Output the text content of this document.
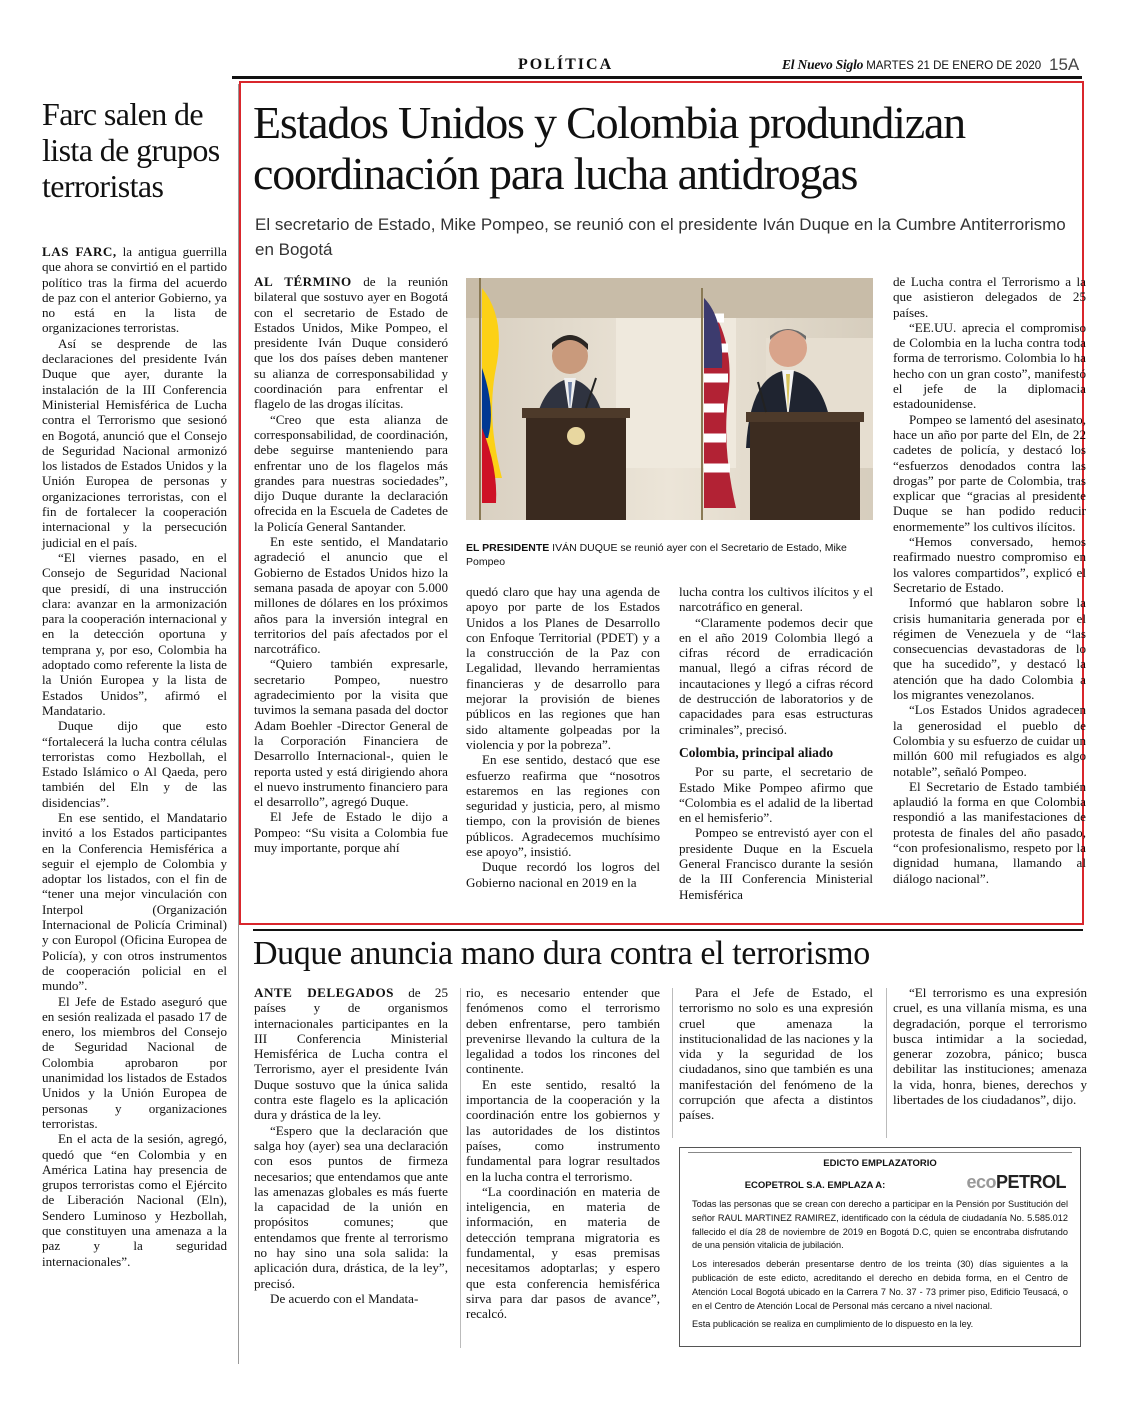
POLÍTICA	El Nuevo Siglo MARTES 21 DE ENERO DE 2020 15A
Farc salen de lista de grupos terroristas

LAS FARC, la antigua guerrilla que ahora se convirtió en el partido político tras la firma del acuerdo de paz con el anterior Gobierno, ya no está en la lista de organizaciones terroristas.

Así se desprende de las declaraciones del presidente Iván Duque que ayer, durante la instalación de la III Conferencia Ministerial Hemisférica de Lucha contra el Terrorismo que sesionó en Bogotá, anunció que el Consejo de Seguridad Nacional armonizó los listados de Estados Unidos y la Unión Europea de personas y organizaciones terroristas, con el fin de fortalecer la cooperación internacional y la persecución judicial en el país.

“El viernes pasado, en el Consejo de Seguridad Nacional que presidí, di una instrucción clara: avanzar en la armonización para la cooperación internacional y en la detección oportuna y temprana y, por eso, Colombia ha adoptado como referente la lista de la Unión Europea y la lista de Estados Unidos”, afirmó el Mandatario.

Duque dijo que esto “fortalecerá la lucha contra células terroristas como Hezbollah, el Estado Islámico o Al Qaeda, pero también del Eln y de las disidencias”.

En ese sentido, el Mandatario invitó a los Estados participantes en la Conferencia Hemisférica a seguir el ejemplo de Colombia y adoptar los listados, con el fin de “tener una mejor vinculación con Interpol (Organización Internacional de Policía Criminal) y con Europol (Oficina Europea de Policía), y con otros instrumentos de cooperación policial en el mundo”.

El Jefe de Estado aseguró que en sesión realizada el pasado 17 de enero, los miembros del Consejo de Seguridad Nacional de Colombia aprobaron por unanimidad los listados de Estados Unidos y la Unión Europea de personas y organizaciones terroristas.

En el acta de la sesión, agregó, quedó que “en Colombia y en América Latina hay presencia de grupos terroristas como el Ejército de Liberación Nacional (Eln), Sendero Luminoso y Hezbollah, que constituyen una amenaza a la paz y la seguridad internacionales”.

Estados Unidos y Colombia produndizan coordinación para lucha antidrogas
El secretario de Estado, Mike Pompeo, se reunió con el presidente Iván Duque en la Cumbre Antiterrorismo en Bogotá

AL TÉRMINO de la reunión bilateral que sostuvo ayer en Bogotá con el secretario de Estado de Estados Unidos, Mike Pompeo, el presidente Iván Duque consideró que los dos países deben mantener su alianza de corresponsabilidad y coordinación para enfrentar el flagelo de las drogas ilícitas.

“Creo que esta alianza de corresponsabilidad, de coordinación, debe seguirse manteniendo para enfrentar uno de los flagelos más grandes para nuestras sociedades”, dijo Duque durante la declaración ofrecida en la Escuela de Cadetes de la Policía General Santander.

En este sentido, el Mandatario agradeció el anuncio que el Gobierno de Estados Unidos hizo la semana pasada de apoyar con 5.000 millones de dólares en los próximos años para la inversión integral en territorios del país afectados por el narcotráfico.

“Quiero también expresarle, secretario Pompeo, nuestro agradecimiento por la visita que tuvimos la semana pasada del doctor Adam Boehler -Director General de la Corporación Financiera de Desarrollo Internacional-, quien le reporta usted y está dirigiendo ahora el nuevo instrumento financiero para el desarrollo”, agregó Duque.

El Jefe de Estado le dijo a Pompeo: “Su visita a Colombia fue muy importante, porque ahí

EL PRESIDENTE IVÁN DUQUE se reunió ayer con el Secretario de Estado, Mike Pompeo

quedó claro que hay una agenda de apoyo por parte de los Estados Unidos a los Planes de Desarrollo con Enfoque Territorial (PDET) y a la construcción de la Paz con Legalidad, llevando herramientas financieras y de desarrollo para mejorar la provisión de bienes públicos en las regiones que han sido altamente golpeadas por la violencia y por la pobreza”.

En ese sentido, destacó que ese esfuerzo reafirma que “nosotros estaremos en las regiones con seguridad y justicia, pero, al mismo tiempo, con la provisión de bienes públicos. Agradecemos muchísimo ese apoyo”, insistió.

Duque recordó los logros del Gobierno nacional en 2019 en la

lucha contra los cultivos ilícitos y el narcotráfico en general.

“Claramente podemos decir que en el año 2019 Colombia llegó a cifras récord de erradicación manual, llegó a cifras récord de incautaciones y llegó a cifras récord de destrucción de laboratorios y de capacidades para esas estructuras criminales”, precisó.

Colombia, principal aliado

Por su parte, el secretario de Estado Mike Pompeo afirmo que “Colombia es el adalid de la libertad en el hemisferio”.

Pompeo se entrevistó ayer con el presidente Duque en la Escuela General Francisco durante la sesión de la III Conferencia Ministerial Hemisférica

de Lucha contra el Terrorismo a la que asistieron delegados de 25 países.

“EE.UU. aprecia el compromiso de Colombia en la lucha contra toda forma de terrorismo. Colombia lo ha hecho con un gran costo”, manifestó el jefe de la diplomacia estadounidense.

Pompeo se lamentó del asesinato, hace un año por parte del Eln, de 22 cadetes de policía, y destacó los “esfuerzos denodados contra las drogas” por parte de Colombia, tras explicar que “gracias al presidente Duque se han podido reducir enormemente” los cultivos ilícitos.

“Hemos conversado, hemos reafirmado nuestro compromiso en los valores compartidos”, explicó el Secretario de Estado.

Informó que hablaron sobre la crisis humanitaria generada por el régimen de Venezuela y de “las consecuencias devastadoras de lo que ha sucedido”, y destacó la atención que ha dado Colombia a los migrantes venezolanos.

“Los Estados Unidos agradecen la generosidad el pueblo de Colombia y su esfuerzo de cuidar un millón 600 mil refugiados es algo notable”, señaló Pompeo.

El Secretario de Estado también aplaudió la forma en que Colombia respondió a las manifestaciones de protesta de finales del año pasado, “con profesionalismo, respeto por la dignidad humana, llamando al diálogo nacional”.

Duque anuncia mano dura contra el terrorismo

ANTE DELEGADOS de 25 países y de organismos internacionales participantes en la III Conferencia Ministerial Hemisférica de Lucha contra el Terrorismo, ayer el presidente Iván Duque sostuvo que la única salida contra este flagelo es la aplicación dura y drástica de la ley.

“Espero que la declaración que salga hoy (ayer) sea una declaración con esos puntos de firmeza necesarios; que entendamos que ante las amenazas globales es más fuerte la capacidad de la unión en propósitos comunes; que entendamos que frente al terrorismo no hay sino una sola salida: la aplicación dura, drástica, de la ley”, precisó.

De acuerdo con el Mandata-

rio, es necesario entender que fenómenos como el terrorismo deben enfrentarse, pero también prevenirse llevando la cultura de la legalidad a todos los rincones del continente.

En este sentido, resaltó la importancia de la cooperación y la coordinación entre los gobiernos y las autoridades de los distintos países, como instrumento fundamental para lograr resultados en la lucha contra el terrorismo.

“La coordinación en materia de inteligencia, en materia de información, en materia de detección temprana migratoria es fundamental, y esas premisas necesitamos adoptarlas; y espero que esta conferencia hemisférica sirva para dar pasos de avance”, recalcó.

Para el Jefe de Estado, el terrorismo no solo es una expresión cruel que amenaza la institucionalidad de las naciones y la vida y la seguridad de los ciudadanos, sino que también es una manifestación del fenómeno de la corrupción que afecta a distintos países.

“El terrorismo es una expresión cruel, es una villanía misma, es una degradación, porque el terrorismo busca intimidar a la sociedad, generar zozobra, pánico; busca debilitar las instituciones; amenaza la vida, honra, bienes, derechos y libertades de los ciudadanos”, dijo.

EDICTO EMPLAZATORIO
ECOPETROL S.A. EMPLAZA A:	ecoPETROL

Todas las personas que se crean con derecho a participar en la Pensión por Sustitución del señor RAUL MARTINEZ RAMIREZ, identificado con la cédula de ciudadanía No. 5.585.012 fallecido el día 28 de noviembre de 2019 en Bogotá D.C, quien se encontraba disfrutando de una pensión vitalicia de jubilación.

Los interesados deberán presentarse dentro de los treinta (30) días siguientes a la publicación de este edicto, acreditando el derecho en debida forma, en el Centro de Atención Local Bogotá ubicado en la Carrera 7 No. 37 - 73 primer piso, Edificio Teusacá, o en el Centro de Atención Local de Personal más cercano a nivel nacional.

Esta publicación se realiza en cumplimiento de lo dispuesto en la ley.
